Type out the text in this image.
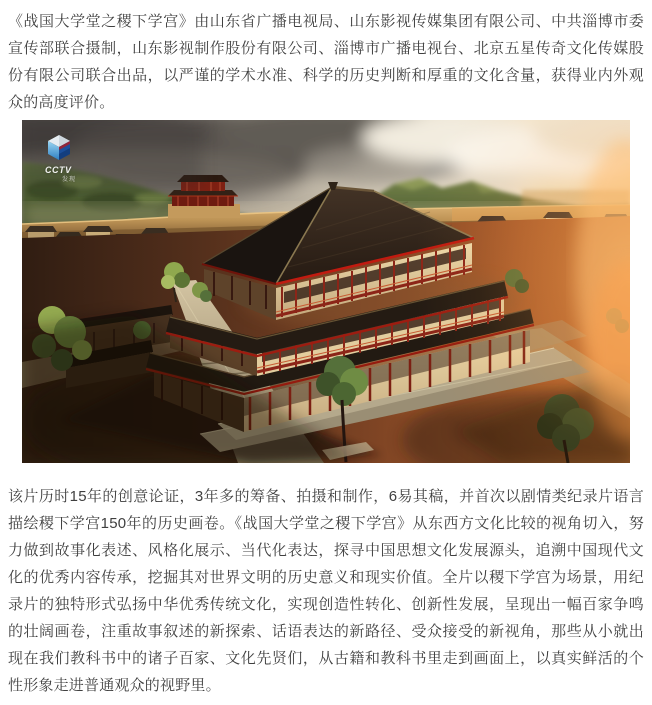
《战国大学堂之稷下学宫》由山东省广播电视局、山东影视传媒集团有限公司、中共淄博市委宣传部联合摄制，山东影视制作股份有限公司、淄博市广播电视台、北京五星传奇文化传媒股份有限公司联合出品，以严谨的学术水准、科学的历史判断和厚重的文化含量，获得业内外观众的高度评价。

CCTV
发现

该片历时15年的创意论证，3年多的筹备、拍摄和制作，6易其稿，并首次以剧情类纪录片语言描绘稷下学宫150年的历史画卷。《战国大学堂之稷下学宫》从东西方文化比较的视角切入，努力做到故事化表述、风格化展示、当代化表达，探寻中国思想文化发展源头，追溯中国现代文化的优秀内容传承，挖掘其对世界文明的历史意义和现实价值。全片以稷下学宫为场景，用纪录片的独特形式弘扬中华优秀传统文化，实现创造性转化、创新性发展，呈现出一幅百家争鸣的壮阔画卷，注重故事叙述的新探索、话语表达的新路径、受众接受的新视角，那些从小就出现在我们教科书中的诸子百家、文化先贤们，从古籍和教科书里走到画面上，以真实鲜活的个性形象走进普通观众的视野里。
